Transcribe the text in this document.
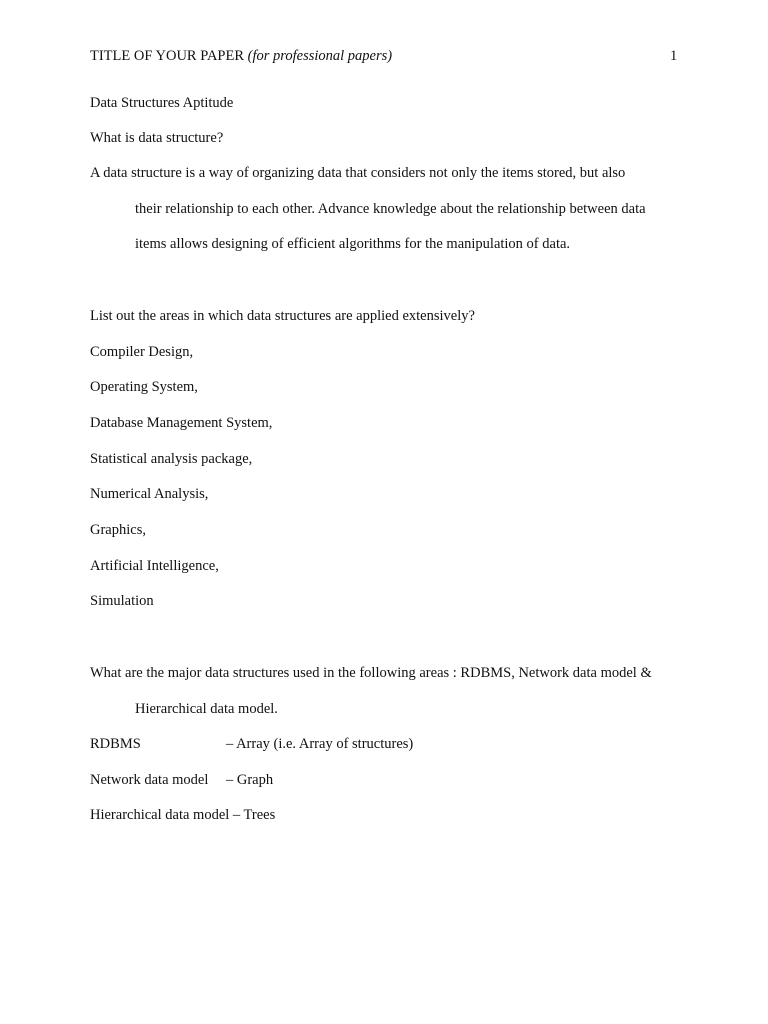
TITLE OF YOUR PAPER (for professional papers)	1
Data Structures Aptitude
What is data structure?
A data structure is a way of organizing data that considers not only the items stored, but also
their relationship to each other. Advance knowledge about the relationship between data
items allows designing of efficient algorithms for the manipulation of data.
List out the areas in which data structures are applied extensively?
Compiler Design,
Operating System,
Database Management System,
Statistical analysis package,
Numerical Analysis,
Graphics,
Artificial Intelligence,
Simulation
What are the major data structures used in the following areas : RDBMS, Network data model &
Hierarchical data model.
RDBMS	– Array (i.e. Array of structures)
Network data model – Graph
Hierarchical data model – Trees
